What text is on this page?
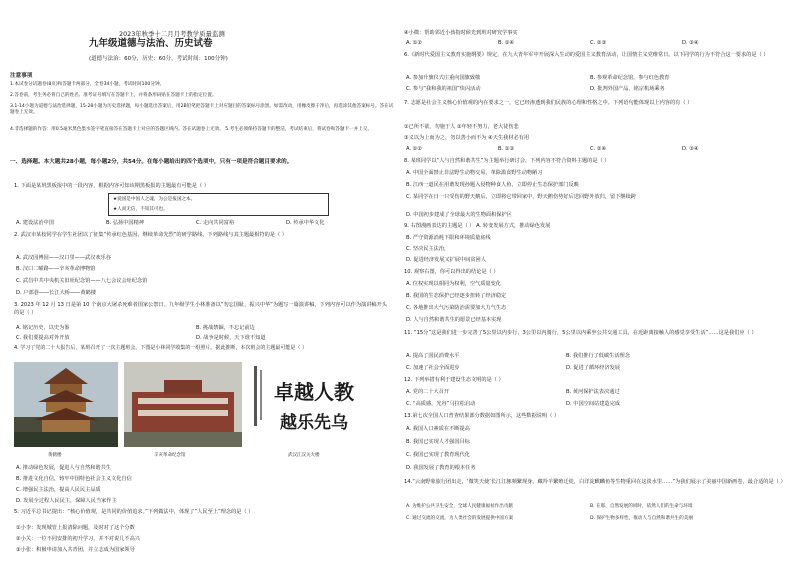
2023年秋季十二月月考教学质量监测
九年级道德与法治、历史试卷
(道德与法治：60分，历史：60分，考试时间：100分钟)
注意事项
1.本试卷分试题卷(8页)和答题卡两部分，全卷34小题，考试时间100分钟。
2.答卷前，考生务必将自己的姓名、准考证号填写在答题卡上，并将条形码贴在答题卡上的指定位置。
3.1-14小题为道德与法治选择题，15-28小题为历史选择题，每小题选出答案后，用2B铅笔把答题卡上对应题目的答案标号涂黑。如需改动，用橡皮擦干净后，再选涂其他答案标号。答在试题卷上无效。
4.非选择题的作答：用0.5毫米黑色墨水签字笔直接答在答题卡上对应的答题区域内。答在试题卷上无效。 5.考生必须保持答题卡的整洁，考试结束后，将试卷和答题卡一并上交。
一、选择题。本大题共28小题，每小题2分，共54分。在每小题给出的四个选项中，只有一项是符合题目要求的。
1. 下面是某班黑板报中的一段内容，根据内容可知该期黑板报的主题最有可能是（ ）
★爱国是中国人之魂，为公是报国之本。
★人而无信，不知其可也。
A. 建设法治中国	B. 弘扬中国精神	C. 走向共同富裕	D. 传承中华文化
2. 武汉市某校同学在学生社团以了征集“传承红色基因，继续革命先烈”的研学路线，下列路线与其主题最相符的是（ ）
A. 武汉园博园——汉口里——武汉欢乐谷
B. 汉口二曜路——辛亥革命博物馆
C. 武昌中共中央机关旧址纪念馆——八七会议会址纪念馆
D. 户部巷——长江大桥——黄鹤楼
3. 2023 年 12 月 13 日是第 10 个南京大屠杀死难者国家公祭日。九年级学生小林准备以“勿忘国耻，振兴中华”为题写一篇演讲稿，下列内容可以作为演讲稿开头的是（ ）
A. 铭记历史，以史为鉴	B. 挑战禁锢，不忘记前边
C. 我们要提高对外开放	D. 战争是时候，天下谁不知道
4. 学习了党的二十大报告后，某班召开了一次主题班会。下图是小林同学收集的一组照片。据此推断，本次班会的主题最可能是（ ）
卓越人教
越乐先乌
黄鹤楼	辛亥革命纪念馆	武汉江汉关大楼
A. 推动绿色发展，促进人与自然和谐共生
B. 推进文化自信，铸牢中国特色社会主义文化自信
C. 增强民主法治，提高人民民主品质
D. 发展全过程人民民主，保障人民当家作主
5. 习近平总书记提出：“核心价值观，是共同的价值追求。”下列做法中，体现了“人民至上”理念的是（ ）
①小李：发现城管上报清除问题，及时对了这个分数
②小关：一位不同安排的初升学习，并不对说几不高兴
③小张：积极申请加入共青团，并立志成为国家领导
④小微：帮助邻近小孩指时候光到班对研究学事实
A. ①②	B. ①④	C. ②③	D. ③④
6.《新时代爱国主义教育实施纲要》规定，在九大青年军中开展深入生动的爱国主义教育活动，让国情主义党维常日。以下同学的行为不符合这一要求的是（ ）
A. 参加升旗仪式庄重向国旗致敬	B. 参观革命纪念馆，参与红色教育
C. 参与“我和我的祖国”快闪活动	D. 批判外国产品、铭宗机场乘务
7. 志愿是社会主义核心价值观的内在要求之一，它已经渗透到我们民族的心理和性格之中。下列语句能体现以上内容的有（ ）
①已所不欲，勿施于人 ②年轻不努力，老大徒伤悲
③义以为上而为之，勿以善小而不为 ④天生我材必有用
A. ①②	B. ①③	C. ②④	D. ③④
8. 某班同学以“人与自然和谐共生”为主题举行研讨会。下列内容不符合资料主题的是（ ）
A. 中国全面禁止非法野生动物交易，革除滥食野生动物陋习
B. 江西一道民在用谐发现孙题入侵物种食人鱼，立即停止生态保护部门反映
C. 某同学在日一只受伤的野天鹅后，立即将它带回家中，野天鹅伤势好后送回野外放归，留下继续跨
D. 中国初步建成了全球最大的生物面积保护区
9. 右图漫画表达的主题是（ ） A. 转变发展方式，推动绿色发展
B. 严守资源消耗下限和环境质量底线
C. 坚决民主法治，
D. 促进经济发展又扩展中间贫困人
10. 观察右图，你可以得出的结论是（ ）
A. 位权实现以相同为权利，空气质量变化
B. 我国的生态保护已经逐步扭转了经济稳定
C. 各地推出大气污染防治需要加大力气生态
D. 人与自然和谐共生的愿景已经基本实现
11. “15分”这是我们进一步完善了5公里以内步行、3公里以内骑行，5公里以内乘坐公共交通工具，在近距离接触人的感觉享受生活”……这是我们应（ ）
A. 提高了国民消费水平	B. 我们推行了低碳生活理念
C. 加速了社会全面进步	D. 促进了循环经济发展
12. 下列举措有利于建设生态文明的是（ ）
A. 党的二十大召开	B. 黄河保护法表决通过
C. “高质感，光谷”马拉松启动	D. 中国空间站建造完成
13.第七次全国人口普查结果部分数据如图所示，这些数据说明（ ）
A. 我国人口素质在不断提高
B. 我国已实现人才强国目标
C. 我国已实现了教育现代化
D. 我国发展了教育的根本任务
14.“云南野象旅行团出走，‘微笑天使’长江江豚频繁现身，藏羚羊繁殖迁徙，白洋淀麒麟鱼等生物重回在这淡水里……”为我们展示了美丽中国新画卷，最合适的是（ ）
A. 为维护公共卫生安全，全球人民健康福祉作出贡献	B. 在那，自然发展的同时，依然人们的生命与环境
C. 通过交流的交流，为人类社会的发展提供中国方案	D. 保护生物多样性，推动人与自然和谐共生的美丽
